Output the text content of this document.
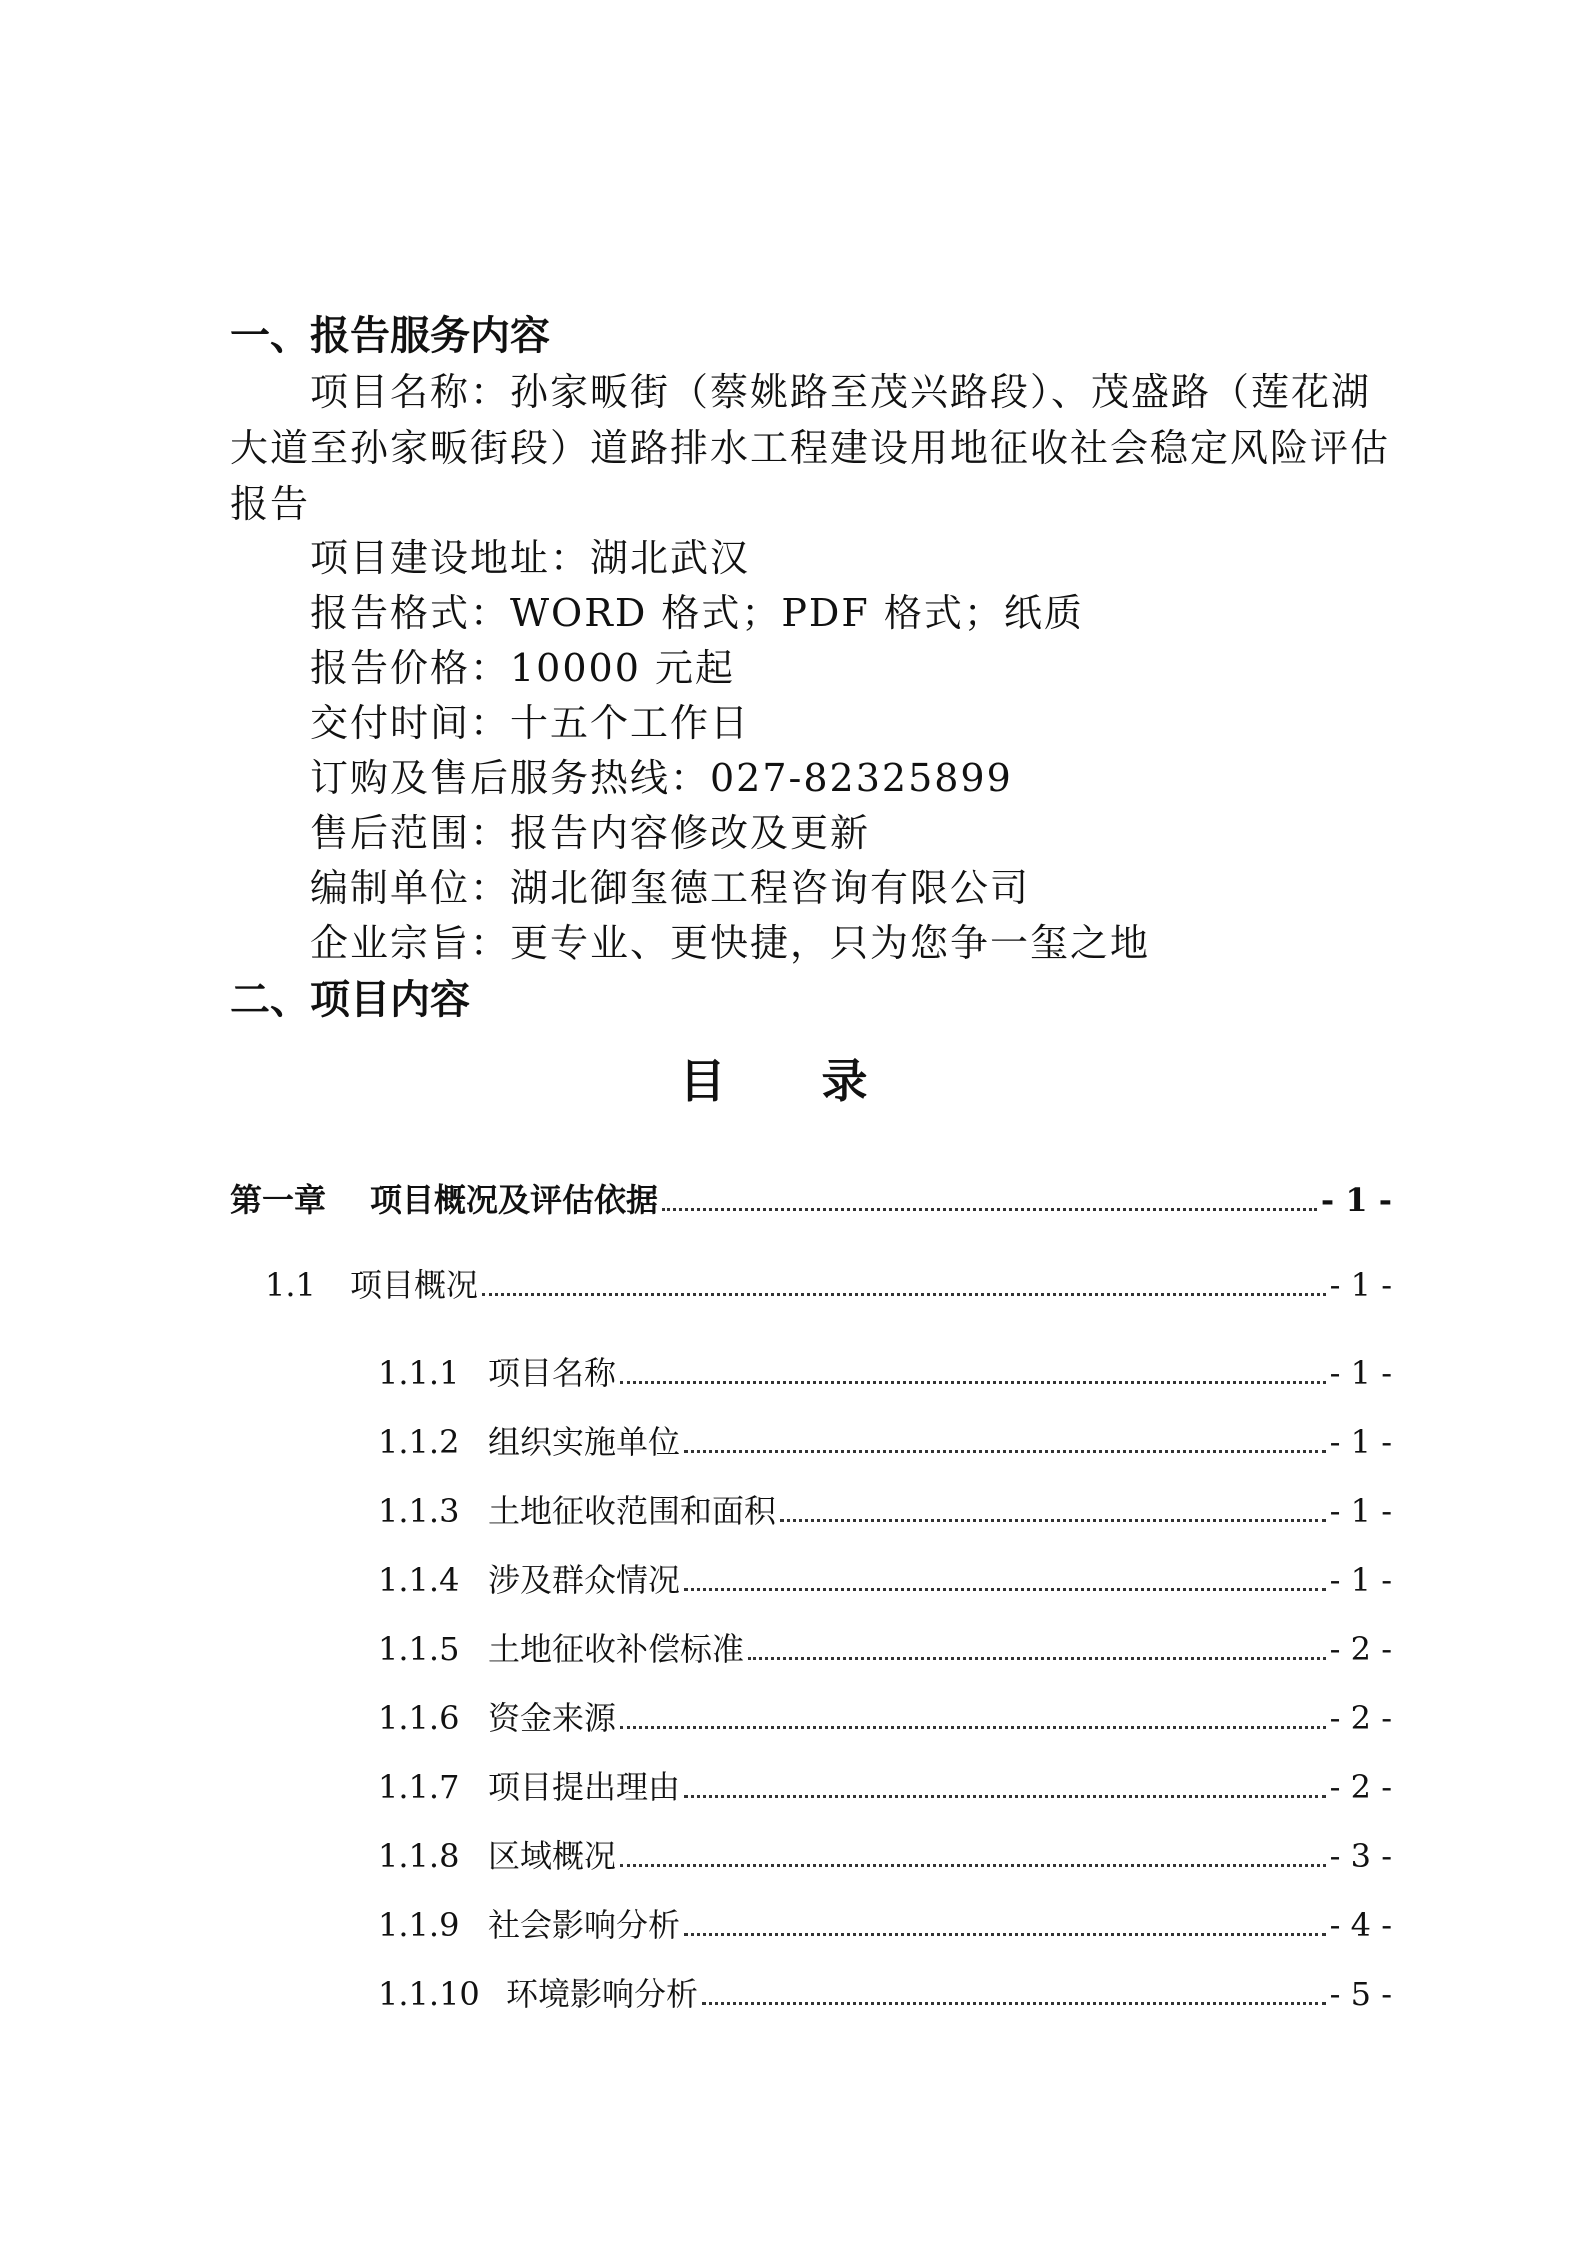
一、报告服务内容
项目名称：孙家畈街（蔡姚路至茂兴路段）、茂盛路（莲花湖大道至孙家畈街段）道路排水工程建设用地征收社会稳定风险评估报告
项目建设地址：湖北武汉
报告格式：WORD 格式；PDF 格式；纸质
报告价格：10000 元起
交付时间：十五个工作日
订购及售后服务热线：027-82325899
售后范围：报告内容修改及更新
编制单位：湖北御玺德工程咨询有限公司
企业宗旨：更专业、更快捷，只为您争一玺之地
二、项目内容
目 录
第一章	项目概况及评估依据	- 1 -
1.1	项目概况	- 1 -
1.1.1 项目名称	- 1 -
1.1.2 组织实施单位	- 1 -
1.1.3 土地征收范围和面积	- 1 -
1.1.4 涉及群众情况	- 1 -
1.1.5 土地征收补偿标准	- 2 -
1.1.6 资金来源	- 2 -
1.1.7 项目提出理由	- 2 -
1.1.8 区域概况	- 3 -
1.1.9 社会影响分析	- 4 -
1.1.10 环境影响分析	- 5 -
